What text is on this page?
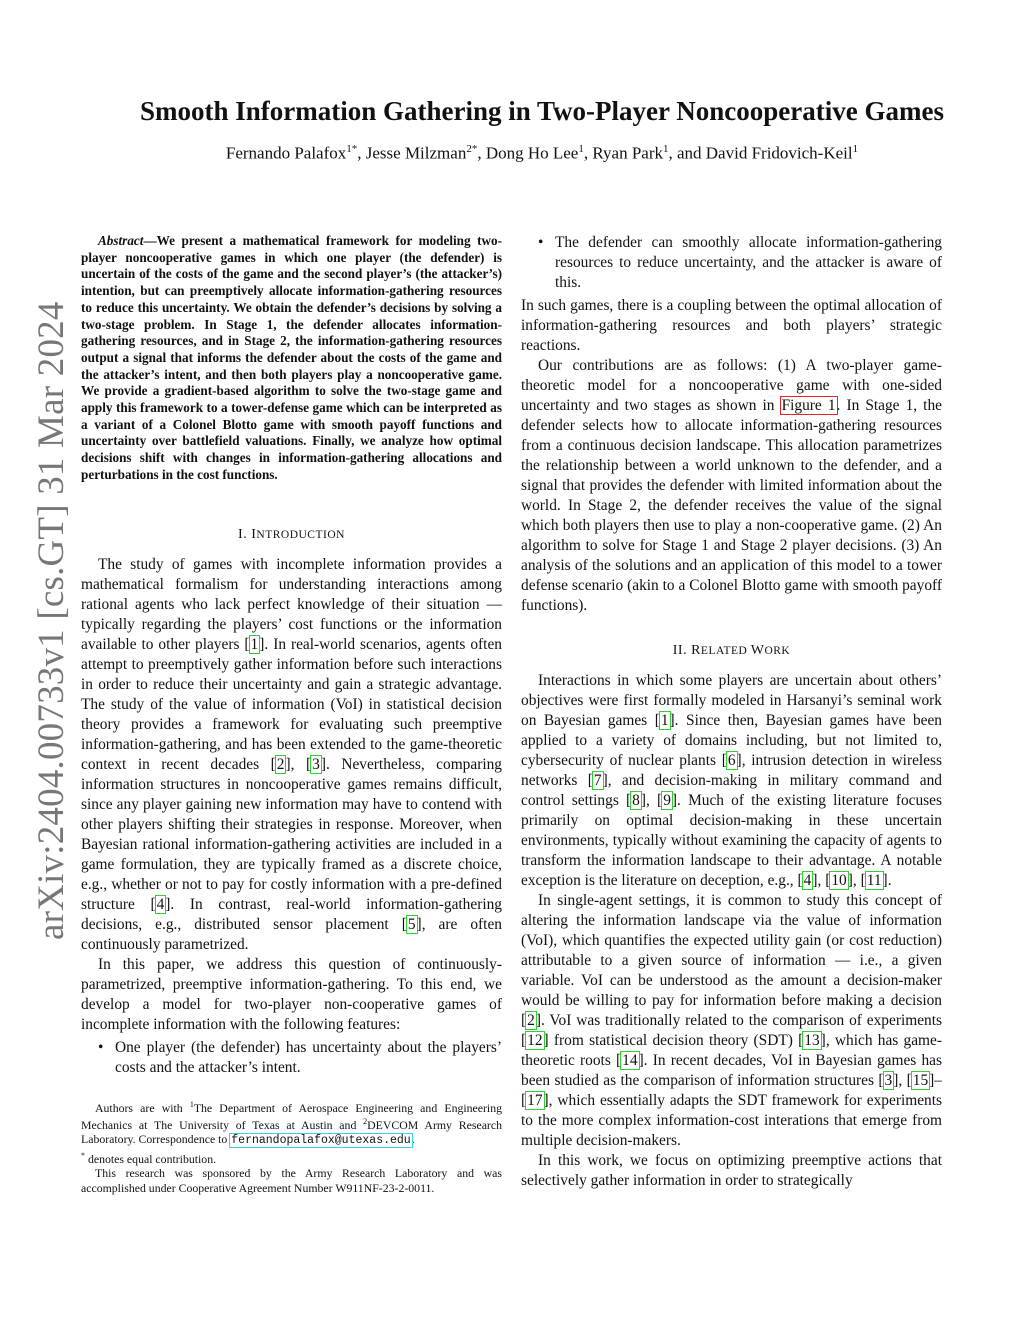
arXiv:2404.00733v1 [cs.GT] 31 Mar 2024
Smooth Information Gathering in Two-Player Noncooperative Games
Fernando Palafox$^{1*}$, Jesse Milzman$^{2*}$, Dong Ho Lee$^1$, Ryan Park$^1$, and David Fridovich-Keil$^1$

Abstract—We present a mathematical framework for modeling two-player noncooperative games in which one player (the defender) is uncertain of the costs of the game and the second player’s (the attacker’s) intention, but can preemptively allocate information-gathering resources to reduce this uncertainty. We obtain the defender’s decisions by solving a two-stage problem. In Stage 1, the defender allocates information-gathering resources, and in Stage 2, the information-gathering resources output a signal that informs the defender about the costs of the game and the attacker’s intent, and then both players play a noncooperative game. We provide a gradient-based algorithm to solve the two-stage game and apply this framework to a tower-defense game which can be interpreted as a variant of a Colonel Blotto game with smooth payoff functions and uncertainty over battlefield valuations. Finally, we analyze how optimal decisions shift with changes in information-gathering allocations and perturbations in the cost functions.

I. INTRODUCTION

The study of games with incomplete information provides a mathematical formalism for understanding interactions among rational agents who lack perfect knowledge of their situation — typically regarding the players’ cost functions or the information available to other players [1]. In real-world scenarios, agents often attempt to preemptively gather information before such interactions in order to reduce their uncertainty and gain a strategic advantage. The study of the value of information (VoI) in statistical decision theory provides a framework for evaluating such preemptive information-gathering, and has been extended to the game-theoretic context in recent decades [2], [3]. Nevertheless, comparing information structures in noncooperative games remains difficult, since any player gaining new information may have to contend with other players shifting their strategies in response. Moreover, when Bayesian rational information-gathering activities are included in a game formulation, they are typically framed as a discrete choice, e.g., whether or not to pay for costly information with a pre-defined structure [4]. In contrast, real-world information-gathering decisions, e.g., distributed sensor placement [5], are often continuously parametrized.

In this paper, we address this question of continuously-parametrized, preemptive information-gathering. To this end, we develop a model for two-player non-cooperative games of incomplete information with the following features:

• One player (the defender) has uncertainty about the players’ costs and the attacker’s intent.

Authors are with $^1$The Department of Aerospace Engineering and Engineering Mechanics at The University of Texas at Austin and $^2$DEVCOM Army Research Laboratory. Correspondence to fernandopalafox@utexas.edu.
* denotes equal contribution.

This research was sponsored by the Army Research Laboratory and was accomplished under Cooperative Agreement Number W911NF-23-2-0011.

• The defender can smoothly allocate information-gathering resources to reduce uncertainty, and the attacker is aware of this.

In such games, there is a coupling between the optimal allocation of information-gathering resources and both players’ strategic reactions.

Our contributions are as follows: (1) A two-player game-theoretic model for a noncooperative game with one-sided uncertainty and two stages as shown in Figure 1. In Stage 1, the defender selects how to allocate information-gathering resources from a continuous decision landscape. This allocation parametrizes the relationship between a world unknown to the defender, and a signal that provides the defender with limited information about the world. In Stage 2, the defender receives the value of the signal which both players then use to play a non-cooperative game. (2) An algorithm to solve for Stage 1 and Stage 2 player decisions. (3) An analysis of the solutions and an application of this model to a tower defense scenario (akin to a Colonel Blotto game with smooth payoff functions).

II. RELATED WORK

Interactions in which some players are uncertain about others’ objectives were first formally modeled in Harsanyi’s seminal work on Bayesian games [1]. Since then, Bayesian games have been applied to a variety of domains including, but not limited to, cybersecurity of nuclear plants [6], intrusion detection in wireless networks [7], and decision-making in military command and control settings [8], [9]. Much of the existing literature focuses primarily on optimal decision-making in these uncertain environments, typically without examining the capacity of agents to transform the information landscape to their advantage. A notable exception is the literature on deception, e.g., [4], [10], [11].

In single-agent settings, it is common to study this concept of altering the information landscape via the value of information (VoI), which quantifies the expected utility gain (or cost reduction) attributable to a given source of information — i.e., a given variable. VoI can be understood as the amount a decision-maker would be willing to pay for information before making a decision [2]. VoI was traditionally related to the comparison of experiments [12] from statistical decision theory (SDT) [13], which has game-theoretic roots [14]. In recent decades, VoI in Bayesian games has been studied as the comparison of information structures [3], [15]–[17], which essentially adapts the SDT framework for experiments to the more complex information-cost interations that emerge from multiple decision-makers.

In this work, we focus on optimizing preemptive actions that selectively gather information in order to strategically
